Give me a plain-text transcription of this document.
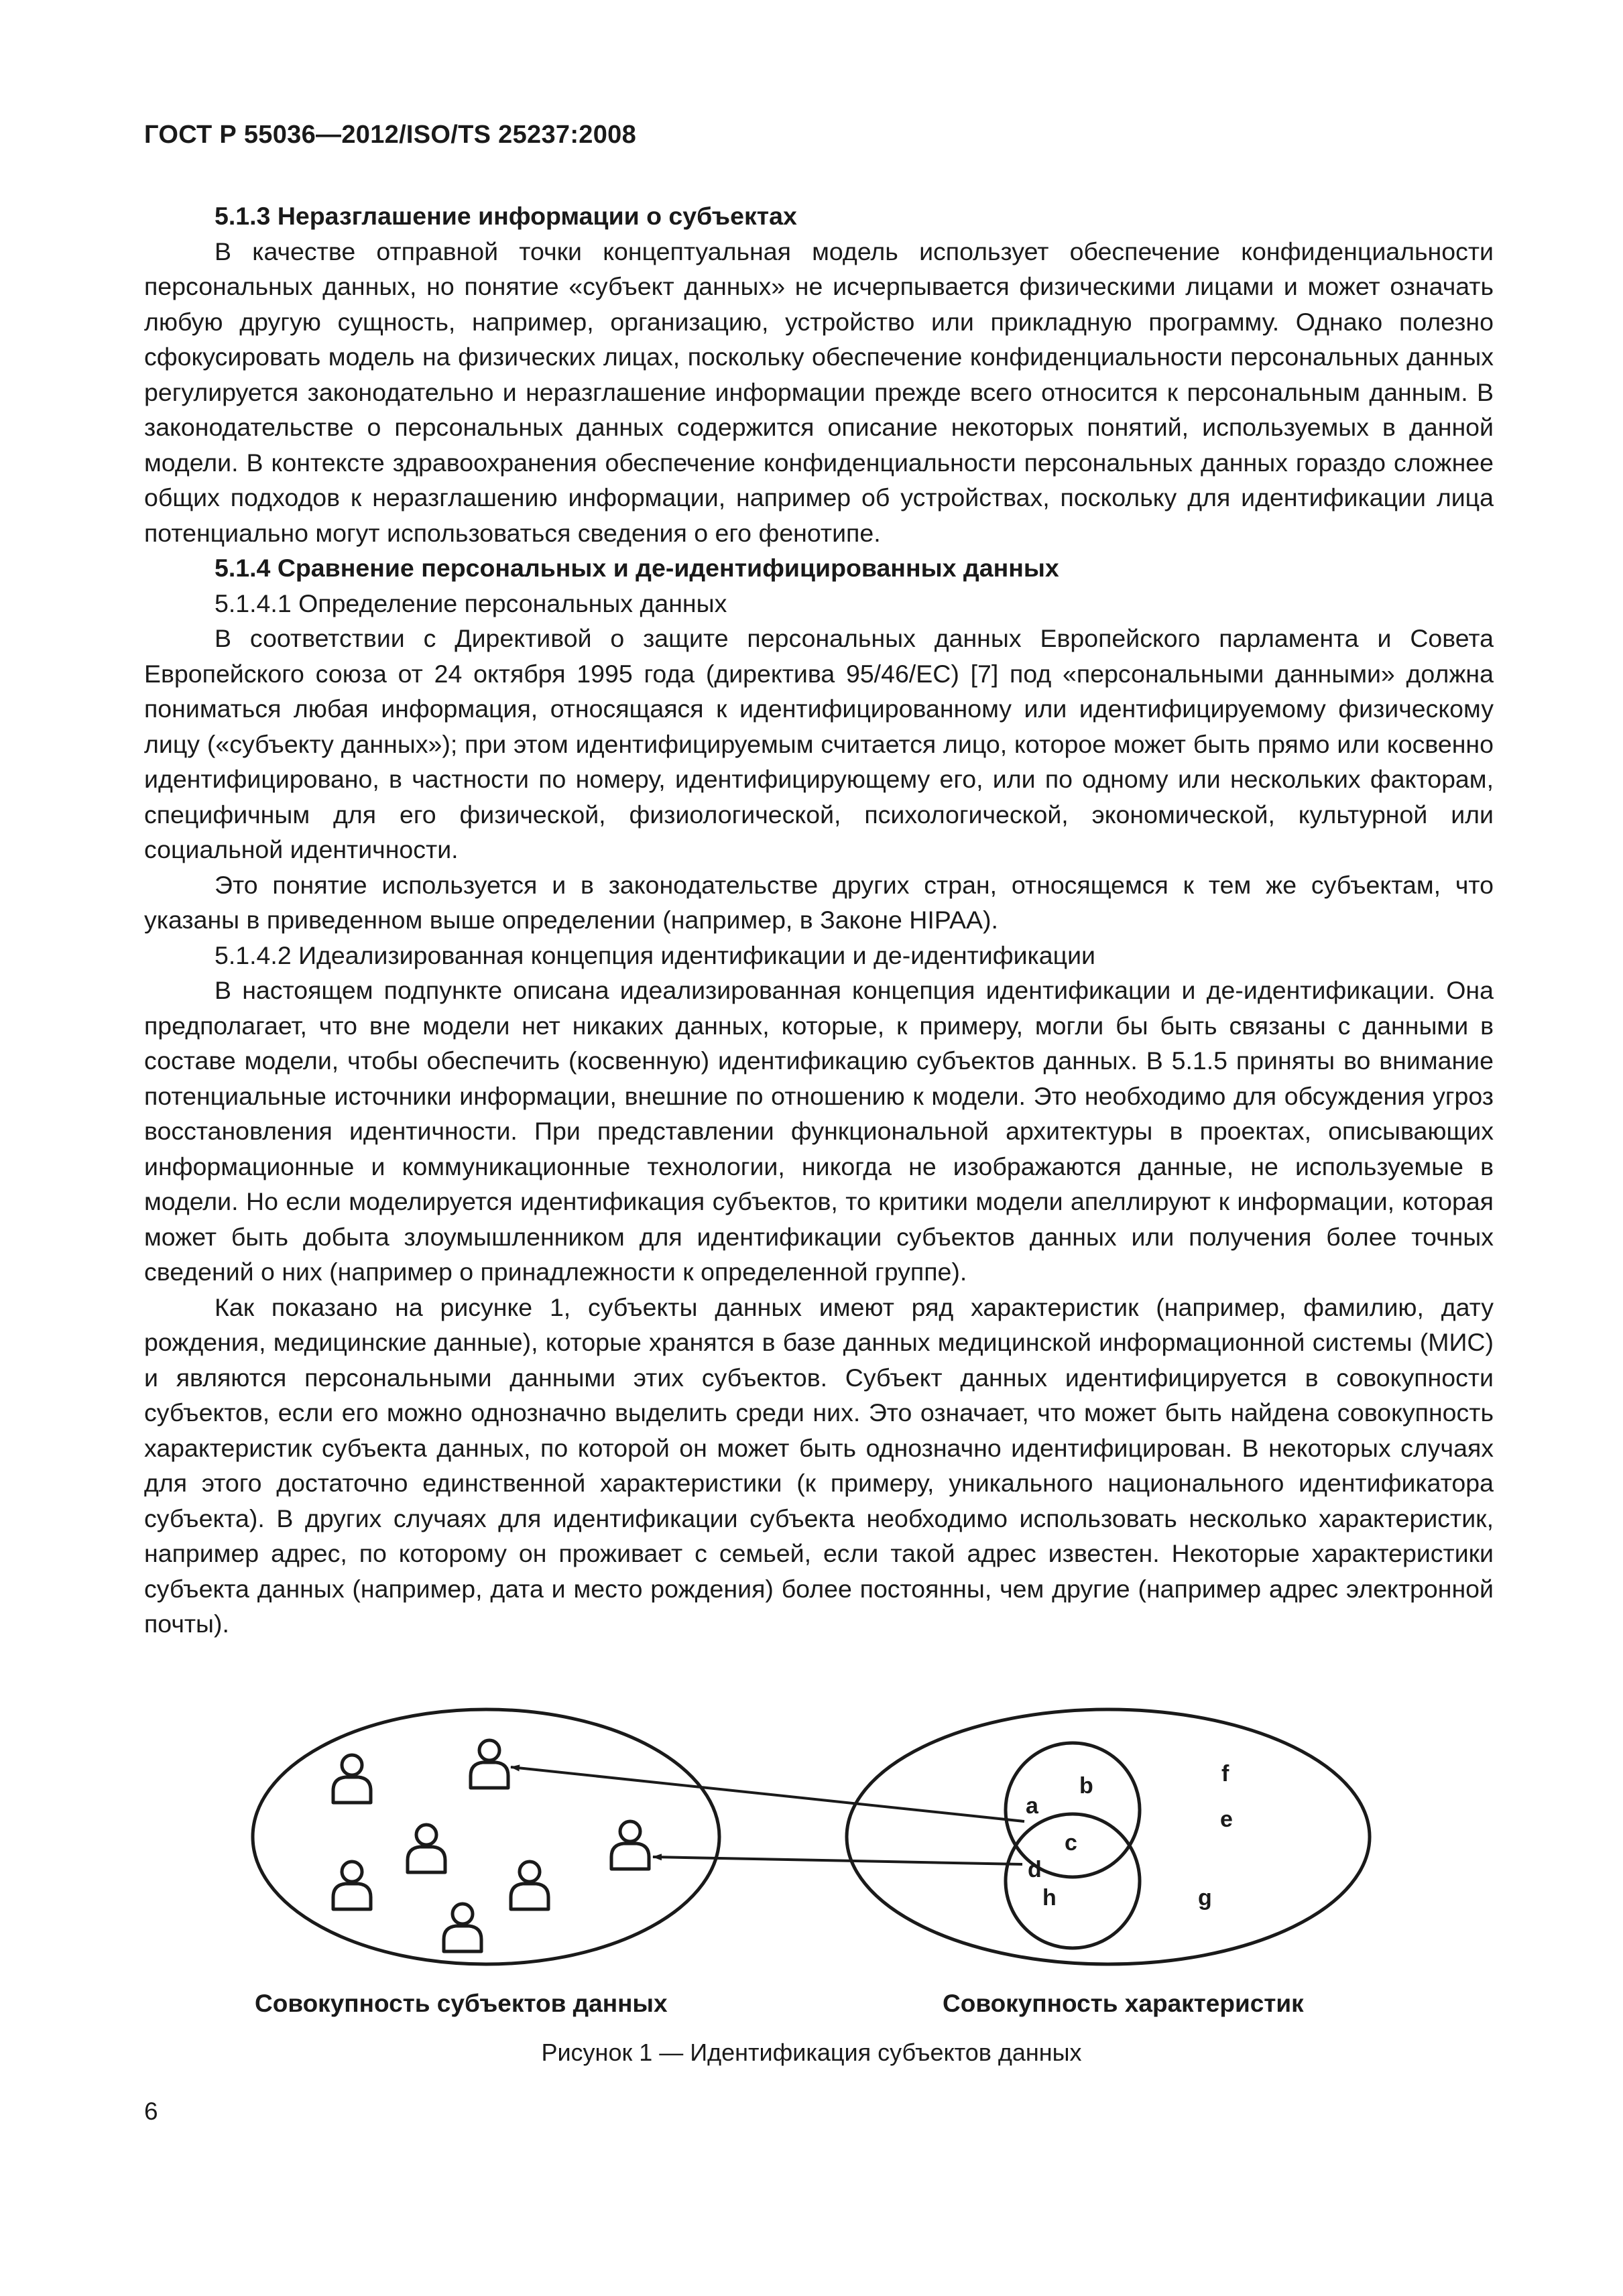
ГОСТ Р 55036—2012/ISO/TS 25237:2008
5.1.3 Неразглашение информации о субъектах

В качестве отправной точки концептуальная модель использует обеспечение конфиденциальности персональных данных, но понятие «субъект данных» не исчерпывается физическими лицами и может означать любую другую сущность, например, организацию, устройство или прикладную программу. Однако полезно сфокусировать модель на физических лицах, поскольку обеспечение конфиденциальности персональных данных регулируется законодательно и неразглашение информации прежде всего относится к персональным данным. В законодательстве о персональных данных содержится описание некоторых понятий, используемых в данной модели. В контексте здравоохранения обеспечение конфиденциальности персональных данных гораздо сложнее общих подходов к неразглашению информации, например об устройствах, поскольку для идентификации лица потенциально могут использоваться сведения о его фенотипе.

5.1.4 Сравнение персональных и де-идентифицированных данных
5.1.4.1 Определение персональных данных

В соответствии с Директивой о защите персональных данных Европейского парламента и Совета Европейского союза от 24 октября 1995 года (директива 95/46/ЕС) [7] под «персональными данными» должна пониматься любая информация, относящаяся к идентифицированному или идентифицируемому физическому лицу («субъекту данных»); при этом идентифицируемым считается лицо, которое может быть прямо или косвенно идентифицировано, в частности по номеру, идентифицирующему его, или по одному или нескольких факторам, специфичным для его физической, физиологической, психологической, экономической, культурной или социальной идентичности.

Это понятие используется и в законодательстве других стран, относящемся к тем же субъектам, что указаны в приведенном выше определении (например, в Законе HIPAA).

5.1.4.2 Идеализированная концепция идентификации и де-идентификации

В настоящем подпункте описана идеализированная концепция идентификации и де-идентификации. Она предполагает, что вне модели нет никаких данных, которые, к примеру, могли бы быть связаны с данными в составе модели, чтобы обеспечить (косвенную) идентификацию субъектов данных. В 5.1.5 приняты во внимание потенциальные источники информации, внешние по отношению к модели. Это необходимо для обсуждения угроз восстановления идентичности. При представлении функциональной архитектуры в проектах, описывающих информационные и коммуникационные технологии, никогда не изображаются данные, не используемые в модели. Но если моделируется идентификация субъектов, то критики модели апеллируют к информации, которая может быть добыта злоумышленником для идентификации субъектов данных или получения более точных сведений о них (например о принадлежности к определенной группе).

Как показано на рисунке 1, субъекты данных имеют ряд характеристик (например, фамилию, дату рождения, медицинские данные), которые хранятся в базе данных медицинской информационной системы (МИС) и являются персональными данными этих субъектов. Субъект данных идентифицируется в совокупности субъектов, если его можно однозначно выделить среди них. Это означает, что может быть найдена совокупность характеристик субъекта данных, по которой он может быть однозначно идентифицирован. В некоторых случаях для этого достаточно единственной характеристики (к примеру, уникального национального идентификатора субъекта). В других случаях для идентификации субъекта необходимо использовать несколько характеристик, например адрес, по которому он проживает с семьей, если такой адрес известен. Некоторые характеристики субъекта данных (например, дата и место рождения) более постоянны, чем другие (например адрес электронной почты).

a
b
c
d
h
f
e
g
Совокупность субъектов данных	Совокупность характеристик
Рисунок 1 — Идентификация субъектов данных
6
